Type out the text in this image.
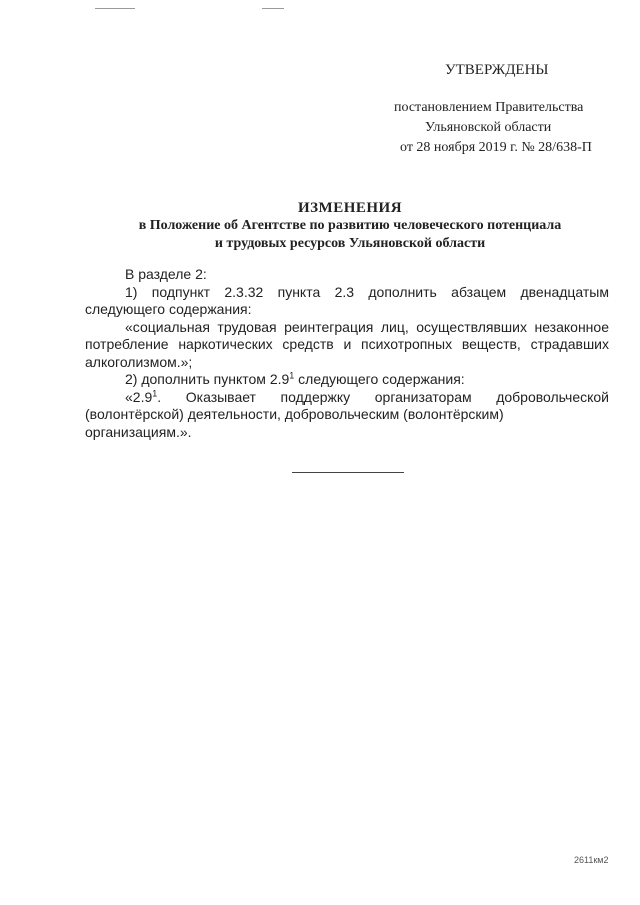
УТВЕРЖДЕНЫ
постановлением Правительства
Ульяновской области
от 28 ноября 2019 г. № 28/638-П
ИЗМЕНЕНИЯ
в Положение об Агентстве по развитию человеческого потенциала
и трудовых ресурсов Ульяновской области

В разделе 2:

1) подпункт 2.3.32 пункта 2.3 дополнить абзацем двенадцатым

следующего содержания:

«социальная трудовая реинтеграция лиц, осуществлявших незаконное

потребление наркотических средств и психотропных веществ, страдавших

алкоголизмом.»;

2) дополнить пунктом $2.9^1$ следующего содержания:

«$2.9^1$. Оказывает поддержку организаторам добровольческой

(волонтёрской) деятельности, добровольческим (волонтёрским) организациям.».

2611км2
